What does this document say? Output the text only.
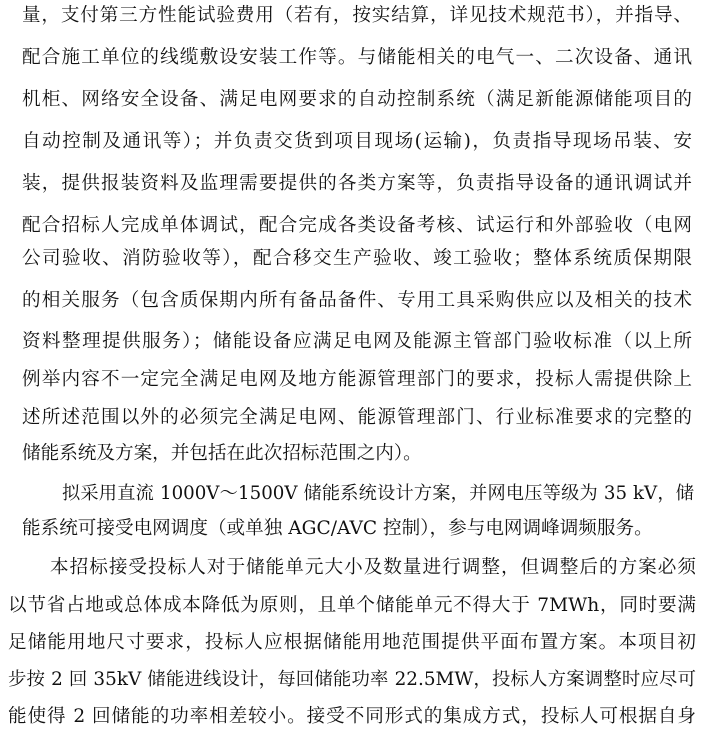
量，支付第三方性能试验费用（若有，按实结算，详见技术规范书），并指导、
配合施工单位的线缆敷设安装工作等。与储能相关的电气一、二次设备、通讯
机柜、网络安全设备、满足电网要求的自动控制系统（满足新能源储能项目的
自动控制及通讯等）；并负责交货到项目现场(运输)，负责指导现场吊装、安
装，提供报装资料及监理需要提供的各类方案等，负责指导设备的通讯调试并
配合招标人完成单体调试，配合完成各类设备考核、试运行和外部验收（电网
公司验收、消防验收等），配合移交生产验收、竣工验收；整体系统质保期限
的相关服务（包含质保期内所有备品备件、专用工具采购供应以及相关的技术
资料整理提供服务）；储能设备应满足电网及能源主管部门验收标准（以上所
例举内容不一定完全满足电网及地方能源管理部门的要求，投标人需提供除上
述所述范围以外的必须完全满足电网、能源管理部门、行业标准要求的完整的
储能系统及方案，并包括在此次招标范围之内）。
拟采用直流 1000V～1500V 储能系统设计方案，并网电压等级为 35 kV，储
能系统可接受电网调度（或单独 AGC/AVC 控制），参与电网调峰调频服务。
本招标接受投标人对于储能单元大小及数量进行调整，但调整后的方案必须
以节省占地或总体成本降低为原则，且单个储能单元不得大于 7MWh，同时要满
足储能用地尺寸要求，投标人应根据储能用地范围提供平面布置方案。本项目初
步按 2 回 35kV 储能进线设计，每回储能功率 22.5MW，投标人方案调整时应尽可
能使得 2 回储能的功率相差较小。接受不同形式的集成方式，投标人可根据自身
